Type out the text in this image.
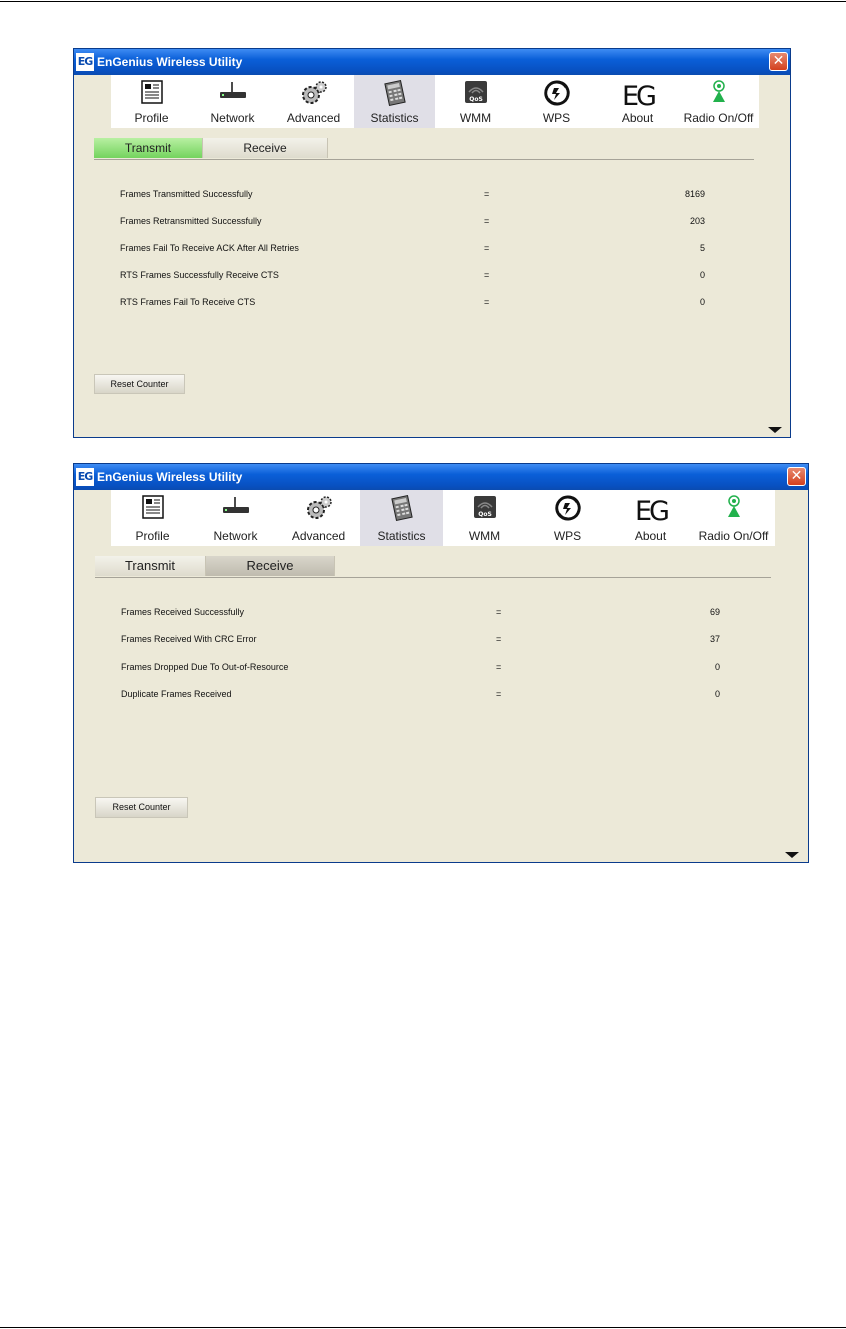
EG EnGenius Wireless Utility	✕
Profile	Network	Advanced	Statistics
QoS
WMM	WPS
EG
About	Radio On/Off
Transmit	Receive
Frames Transmitted Successfully	=	8169
Frames Retransmitted Successfully	=	203
Frames Fail To Receive ACK After All Retries	=	5
RTS Frames Successfully Receive CTS	=	0
RTS Frames Fail To Receive CTS	=	0
Reset Counter
EG EnGenius Wireless Utility	✕
Profile	Network	Advanced	Statistics
QoS
WMM	WPS
EG
About	Radio On/Off
Transmit	Receive
Frames Received Successfully	=	69
Frames Received With CRC Error	=	37
Frames Dropped Due To Out-of-Resource	=	0
Duplicate Frames Received	=	0
Reset Counter
